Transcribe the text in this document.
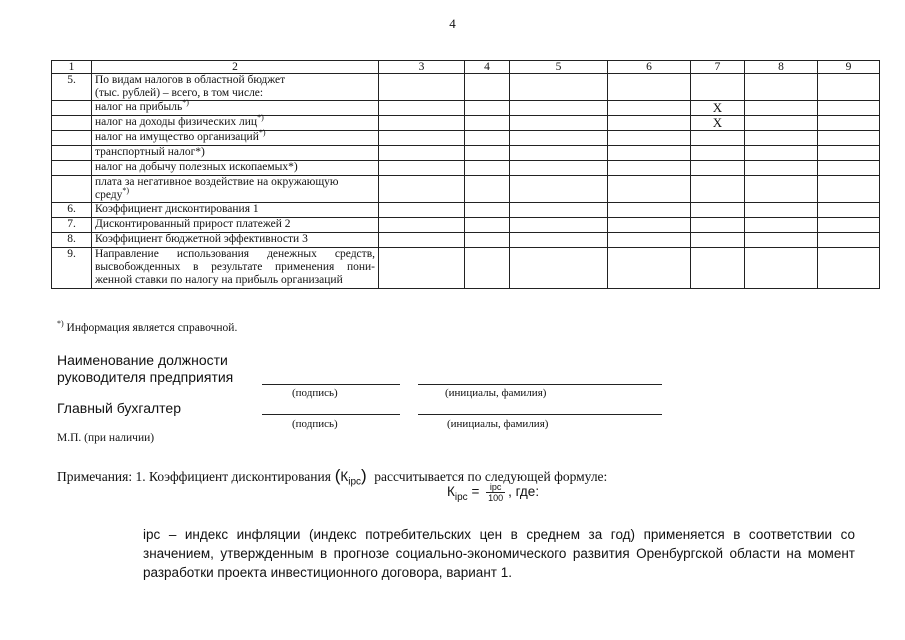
4
1	2	3	4	5	6	7	8	9
5.	По видам налогов в областной бюджет
(тыс. рублей) – всего, в том числе:							
	налог на прибыль*)					X		
	налог на доходы физических лиц*)					X		
	налог на имущество организаций*)							
	транспортный налог*)							
	налог на добычу полезных ископаемых*)							
	плата за негативное воздействие на окружающую
среду*)							
6.	Коэффициент дисконтирования 1							
7.	Дисконтированный прирост платежей 2							
8.	Коэффициент бюджетной эффективности 3							
9.	Направление использования денежных средств,
высвобожденных в результате применения пони-
женной ставки по налогу на прибыль организаций							
*) Информация является справочной.
Наименование должности
руководителя предприятия
(подпись)	(инициалы, фамилия)
Главный бухгалтер
(подпись)	(инициалы, фамилия)
М.П. (при наличии)
Примечания: 1. Коэффициент дисконтирования $(К_{ipc})$ рассчитывается по следующей формуле:
$К_{ipc} = \frac{\text{ipc}}{100}$ , где:
ipc – индекс инфляции (индекс потребительских цен в среднем за год) применяется в соответствии со значением, утвержденным в прогнозе социально-экономического развития Оренбургской области на момент разработки проекта инвестиционного договора, вариант 1.
